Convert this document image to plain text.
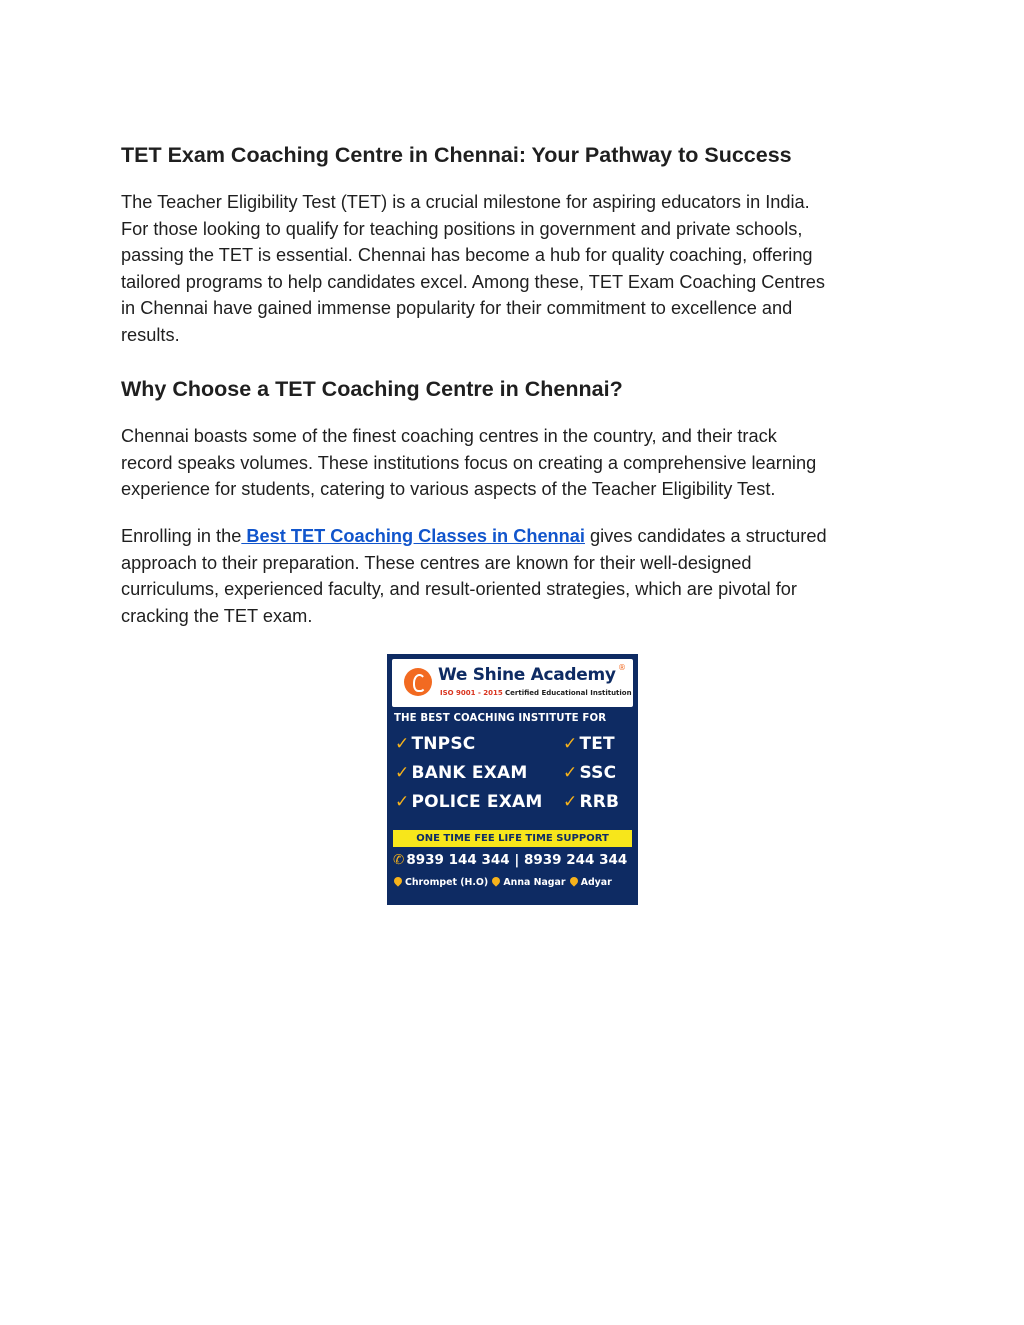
TET Exam Coaching Centre in Chennai: Your Pathway to Success

The Teacher Eligibility Test (TET) is a crucial milestone for aspiring educators in India.
For those looking to qualify for teaching positions in government and private schools,
passing the TET is essential. Chennai has become a hub for quality coaching, offering
tailored programs to help candidates excel. Among these, TET Exam Coaching Centres
in Chennai have gained immense popularity for their commitment to excellence and
results.

Why Choose a TET Coaching Centre in Chennai?

Chennai boasts some of the finest coaching centres in the country, and their track
record speaks volumes. These institutions focus on creating a comprehensive learning
experience for students, catering to various aspects of the Teacher Eligibility Test.

Enrolling in the Best TET Coaching Classes in Chennai gives candidates a structured
approach to their preparation. These centres are known for their well-designed
curriculums, experienced faculty, and result-oriented strategies, which are pivotal for
cracking the TET exam.

We Shine Academy ®
ISO 9001 - 2015 Certified Educational Institution
THE BEST COACHING INSTITUTE FOR
✓ TNPSC	✓ TET
✓ BANK EXAM ✓ SSC
✓ POLICE EXAM ✓ RRB
ONE TIME FEE LIFE TIME SUPPORT
✆ 8939 144 344 | 8939 244 344
Chrompet (H.O) Anna Nagar Adyar
